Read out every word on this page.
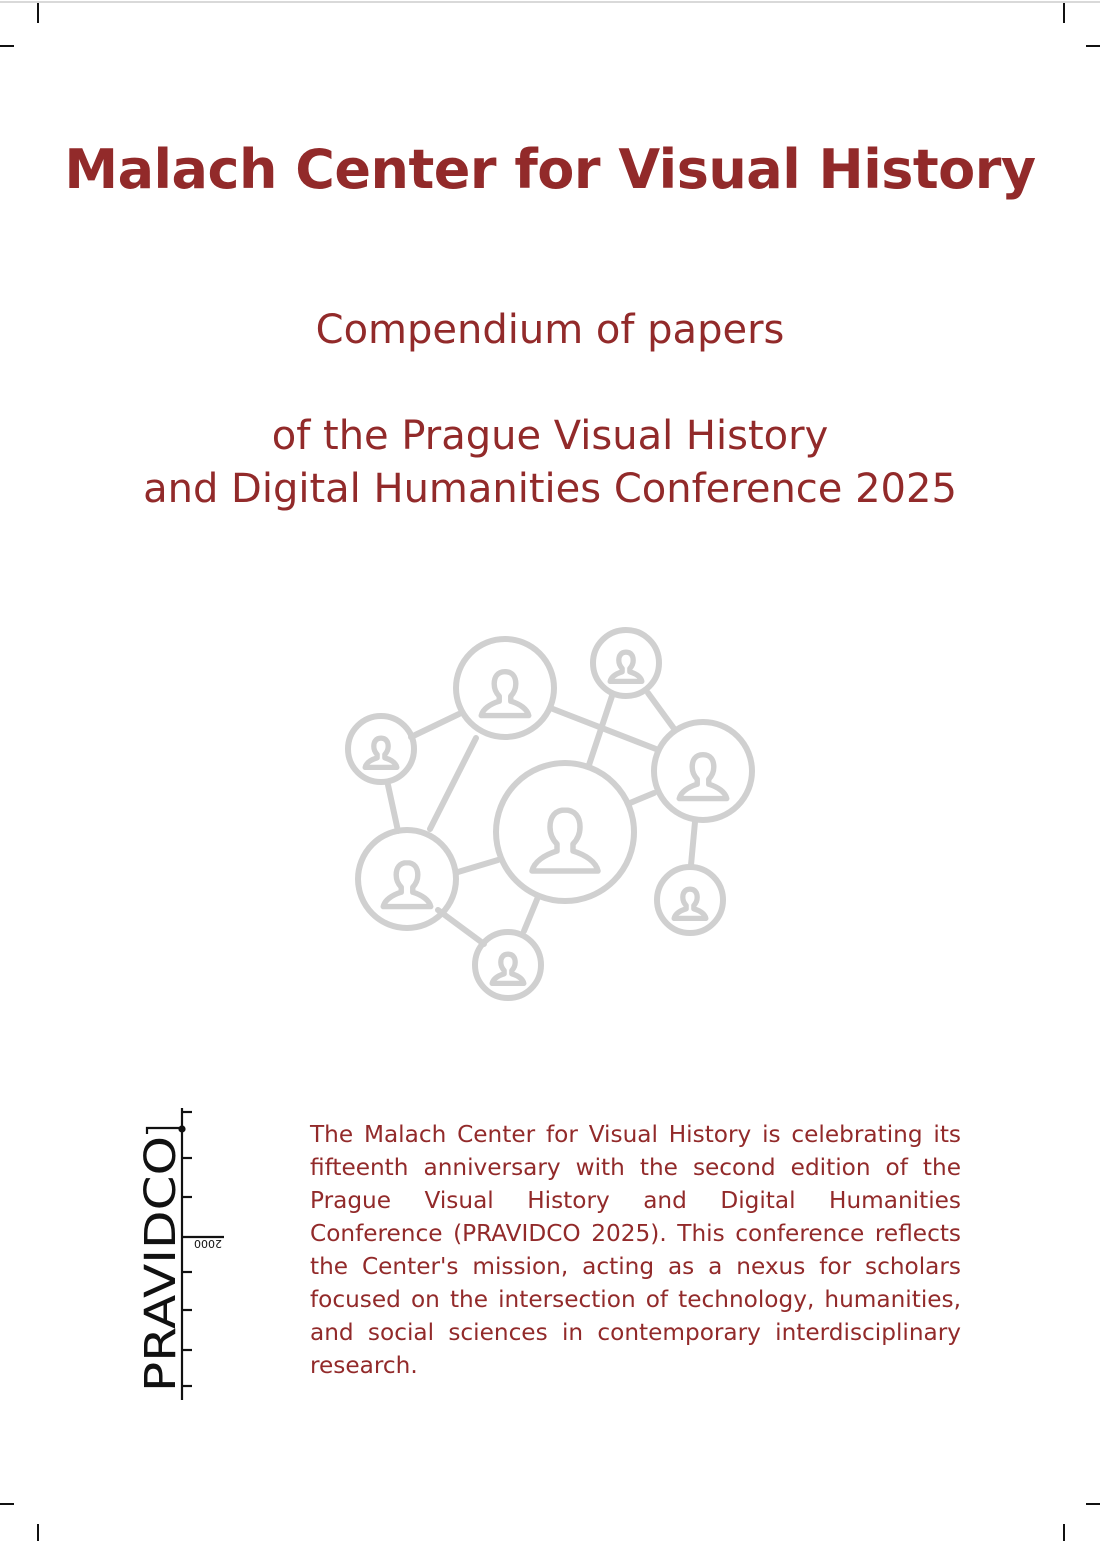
Malach Center for Visual History

Compendium of papers

of the Prague Visual History

and Digital Humanities Conference 2025

PRAVIDCO 2000

The Malach Center for Visual History is celebrating its fifteenth anniversary with the second edition of the Prague Visual History and Digital Humanities Conference (PRAVIDCO 2025). This conference reflects the Center's mission, acting as a nexus for scholars focused on the intersection of technology, humanities, and social sciences in contemporary interdisciplinary research.
